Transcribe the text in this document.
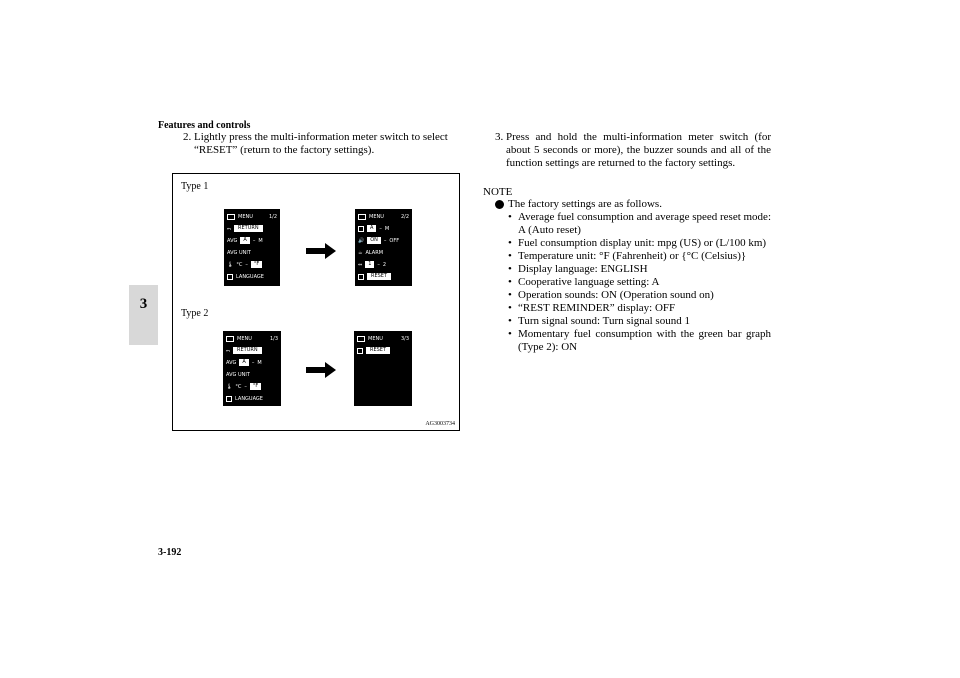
Features and controls
3
3-192
2. Lightly press the multi-information meter switch to select “RESET” (return to the factory settings).
3. Press and hold the multi-information meter switch (for about 5 seconds or more), the buzzer sounds and all of the function settings are returned to the factory settings.
NOTE
The factory settings are as follows.
• Average fuel consumption and average speed reset mode: A (Auto reset)
• Fuel consumption display unit: mpg (US) or (L/100 km)
• Temperature unit: °F (Fahrenheit) or {°C (Celsius)}
• Display language: ENGLISH
• Cooperative language setting: A
• Operation sounds: ON (Operation sound on)
• “REST REMINDER” display: OFF
• Turn signal sound: Turn signal sound 1
• Momentary fuel consumption with the green bar graph (Type 2): ON
Type 1
Type 2
MENU	1/2
⮢	RETURN
AVG	A	– M
AVG UNIT
🌡 °C –	°F
LANGUAGE
MENU	2/2
A	– M
🔊	ON	– OFF
☕ ALARM
⇔	1	– 2
RESET
MENU	1/3
⮢	RETURN
AVG	A	– M
AVG UNIT
🌡 °C –	°F
LANGUAGE
MENU	3/3
RESET
AG3003734
